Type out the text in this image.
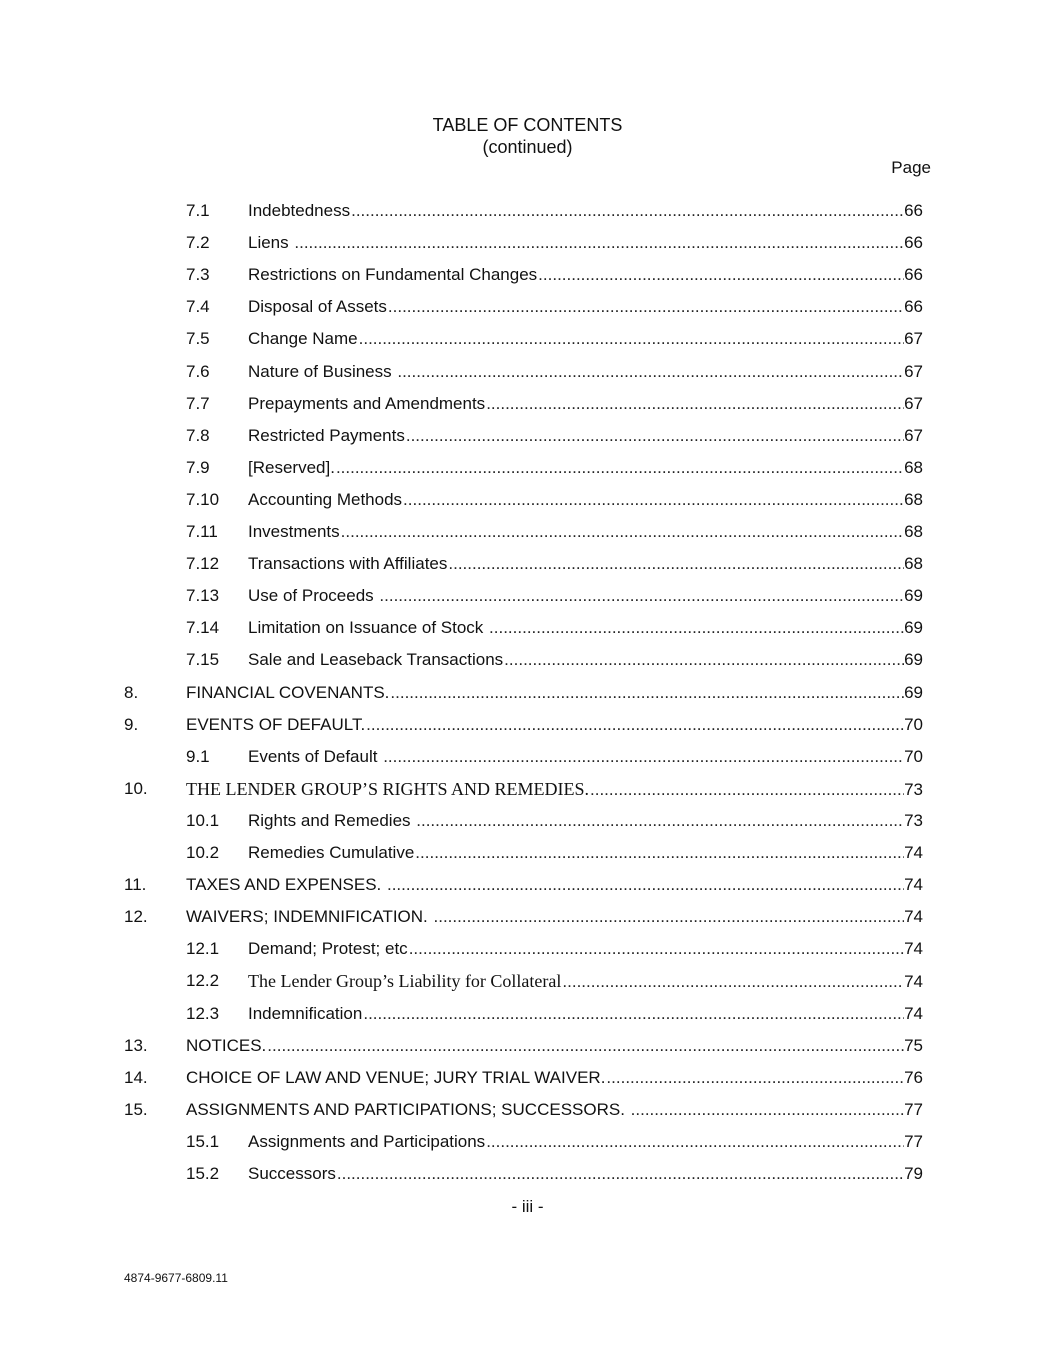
TABLE OF CONTENTS
(continued)
Page
7.1 Indebtedness .....	66
7.2 Liens .....	66
7.3 Restrictions on Fundamental Changes .....	66
7.4 Disposal of Assets .....	66
7.5 Change Name .....	67
7.6 Nature of Business .....	67
7.7 Prepayments and Amendments .....	67
7.8 Restricted Payments .....	67
7.9 [Reserved]. .....	68
7.10 Accounting Methods .....	68
7.11 Investments .....	68
7.12 Transactions with Affiliates .....	68
7.13 Use of Proceeds .....	69
7.14 Limitation on Issuance of Stock .....	69
7.15 Sale and Leaseback Transactions .....	69
8.	FINANCIAL COVENANTS. .....	69
9.	EVENTS OF DEFAULT. .....	70
9.1 Events of Default .....	70
10. THE LENDER GROUP’S RIGHTS AND REMEDIES. .....	73
10.1 Rights and Remedies .....	73
10.2 Remedies Cumulative .....	74
11. TAXES AND EXPENSES. .....	74
12. WAIVERS; INDEMNIFICATION. .....	74
12.1 Demand; Protest; etc .....	74
12.2 The Lender Group’s Liability for Collateral .....	74
12.3 Indemnification .....	74
13. NOTICES. .....	75
14. CHOICE OF LAW AND VENUE; JURY TRIAL WAIVER. .....	76
15. ASSIGNMENTS AND PARTICIPATIONS; SUCCESSORS. .....	77
15.1 Assignments and Participations .....	77
15.2 Successors .....	79
- iii -
4874-9677-6809.11
